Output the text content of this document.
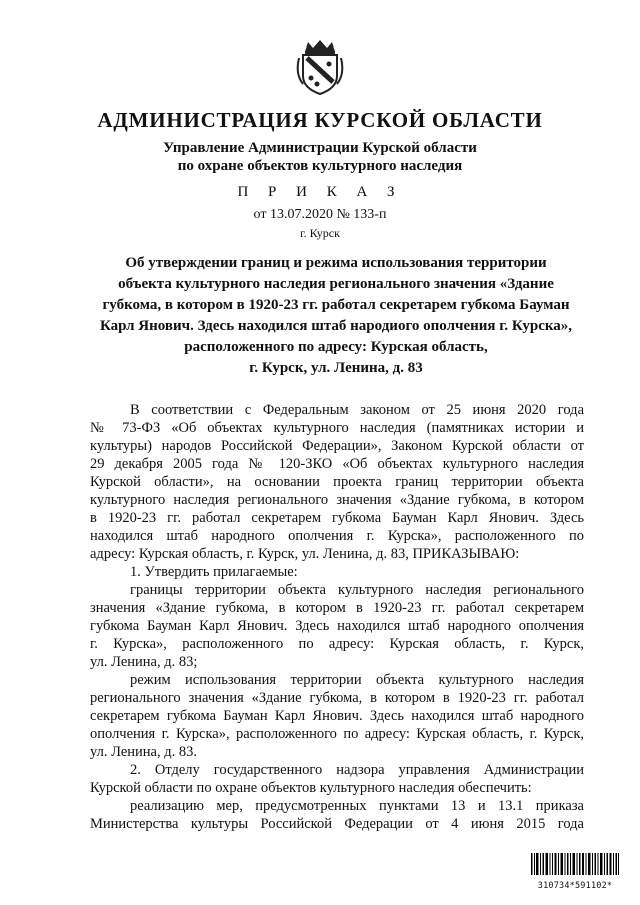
АДМИНИСТРАЦИЯ КУРСКОЙ ОБЛАСТИ
Управление Администрации Курской области
по охране объектов культурного наследия
П Р И К А З
от 13.07.2020 № 133-п
г. Курск
Об утверждении границ и режима использования территории
объекта культурного наследия регионального значения «Здание
губкома, в котором в 1920-23 гг. работал секретарем губкома Бауман
Карл Янович. Здесь находился штаб народиого ополчения г. Курска»,
расположенного по адресу: Курская область,
г. Курск, ул. Ленина, д. 83
В соответствии с Федеральным законом от 25 июня 2020 года
№ 73-ФЗ «Об объектах культурного наследия (памятниках истории и
культуры) народов Российской Федерации», Законом Курской области от
29 декабря 2005 года № 120-ЗКО «Об объектах культурного наследия
Курской области», на основании проекта границ территории объекта
культурного наследия регионального значения «Здание губкома, в котором
в 1920-23 гг. работал секретарем губкома Бауман Карл Янович. Здесь
находился штаб народного ополчения г. Курска», расположенного по
адресу: Курская область, г. Курск, ул. Ленина, д. 83, ПРИКАЗЫВАЮ:
1. Утвердить прилагаемые:
границы территории объекта культурного наследия регионального
значения «Здание губкома, в котором в 1920-23 гг. работал секретарем
губкома Бауман Карл Янович. Здесь находился штаб народного ополчения
г. Курска», расположенного по адресу: Курская область, г. Курск,
ул. Ленина, д. 83;
режим использования территории объекта культурного наследия
регионального значения «Здание губкома, в котором в 1920-23 гг. работал
секретарем губкома Бауман Карл Янович. Здесь находился штаб народного
ополчения г. Курска», расположенного по адресу: Курская область, г. Курск,
ул. Ленина, д. 83.
2. Отделу государственного надзора управления Администрации
Курской области по охране объектов культурного наследия обеспечить:
реализацию мер, предусмотренных пунктами 13 и 13.1 приказа
Министерства культуры Российской Федерации от 4 июня 2015 года
310734*591102*
